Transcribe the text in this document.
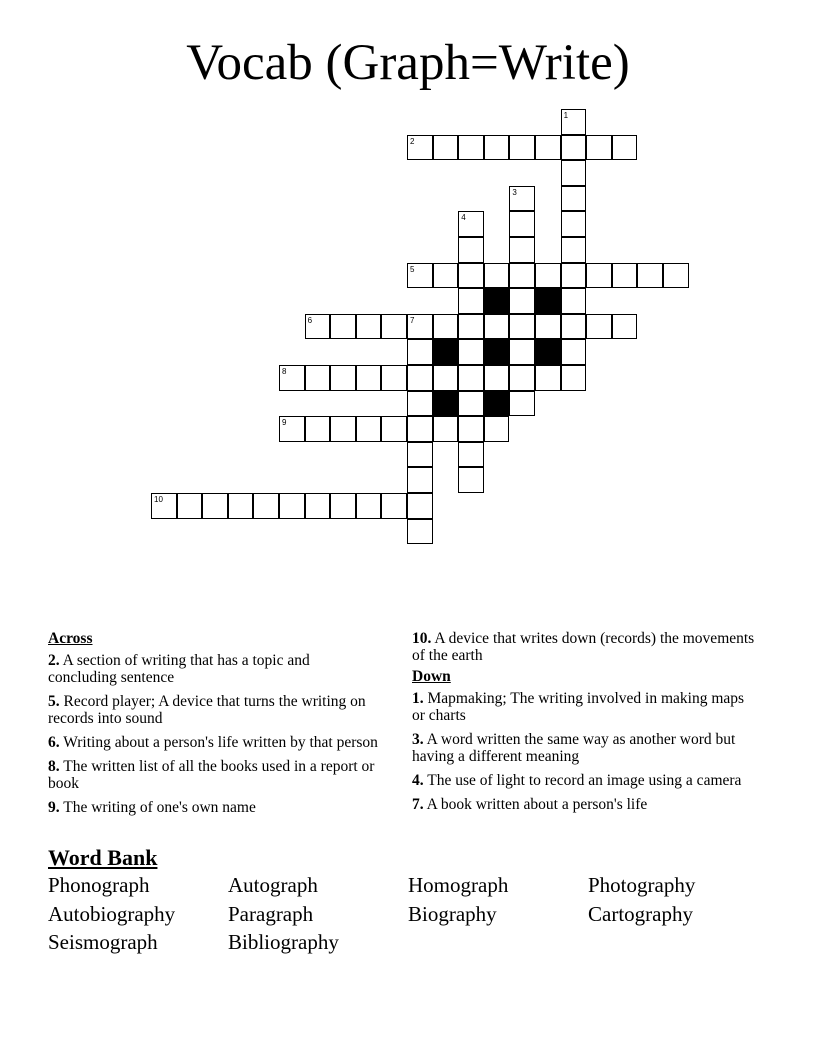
Vocab (Graph=Write)
1
2
3
4
5
6	7
8
9
10
Across
2. A section of writing that has a topic and concluding sentence
5. Record player; A device that turns the writing on records into sound
6. Writing about a person's life written by that person
8. The written list of all the books used in a report or book
9. The writing of one's own name
10. A device that writes down (records) the movements of the earth
Down
1. Mapmaking; The writing involved in making maps or charts
3. A word written the same way as another word but having a different meaning
4. The use of light to record an image using a camera
7. A book written about a person's life
Word Bank
Phonograph	Autograph	Homograph	Photography
Autobiography	Paragraph	Biography	Cartography
Seismograph	Bibliography
